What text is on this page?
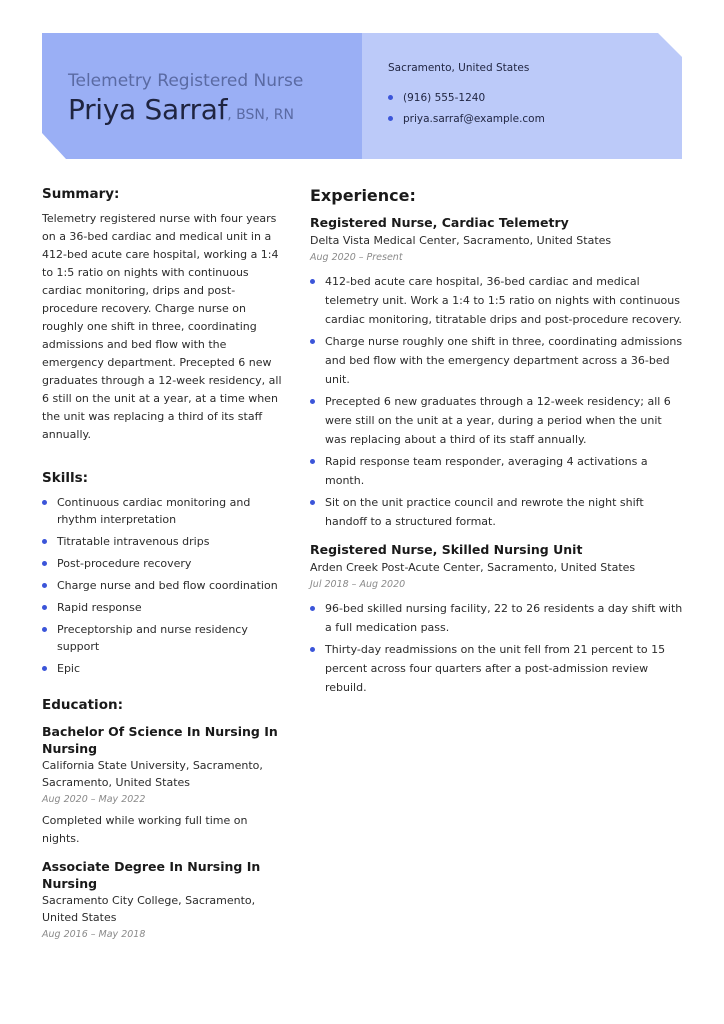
Telemetry Registered Nurse
Priya Sarraf, BSN, RN
Sacramento, United States
(916) 555-1240
priya.sarraf@example.com
Summary:

Telemetry registered nurse with four years on a 36-bed cardiac and medical unit in a 412-bed acute care hospital, working a 1:4 to 1:5 ratio on nights with continuous cardiac monitoring, drips and post-procedure recovery. Charge nurse on roughly one shift in three, coordinating admissions and bed flow with the emergency department. Precepted 6 new graduates through a 12-week residency, all 6 still on the unit at a year, at a time when the unit was replacing a third of its staff annually.

Skills:
Continuous cardiac monitoring and rhythm interpretation
Titratable intravenous drips
Post-procedure recovery
Charge nurse and bed flow coordination
Rapid response
Preceptorship and nurse residency support
Epic
Education:
Bachelor Of Science In Nursing In Nursing
California State University, Sacramento, Sacramento, United States
Aug 2020 – May 2022
Completed while working full time on nights.
Associate Degree In Nursing In Nursing
Sacramento City College, Sacramento, United States
Aug 2016 – May 2018
Experience:
Registered Nurse, Cardiac Telemetry
Delta Vista Medical Center, Sacramento, United States
Aug 2020 – Present
412-bed acute care hospital, 36-bed cardiac and medical telemetry unit. Work a 1:4 to 1:5 ratio on nights with continuous cardiac monitoring, titratable drips and post-procedure recovery.
Charge nurse roughly one shift in three, coordinating admissions and bed flow with the emergency department across a 36-bed unit.
Precepted 6 new graduates through a 12-week residency; all 6 were still on the unit at a year, during a period when the unit was replacing about a third of its staff annually.
Rapid response team responder, averaging 4 activations a month.
Sit on the unit practice council and rewrote the night shift handoff to a structured format.
Registered Nurse, Skilled Nursing Unit
Arden Creek Post-Acute Center, Sacramento, United States
Jul 2018 – Aug 2020
96-bed skilled nursing facility, 22 to 26 residents a day shift with a full medication pass.
Thirty-day readmissions on the unit fell from 21 percent to 15 percent across four quarters after a post-admission review rebuild.
